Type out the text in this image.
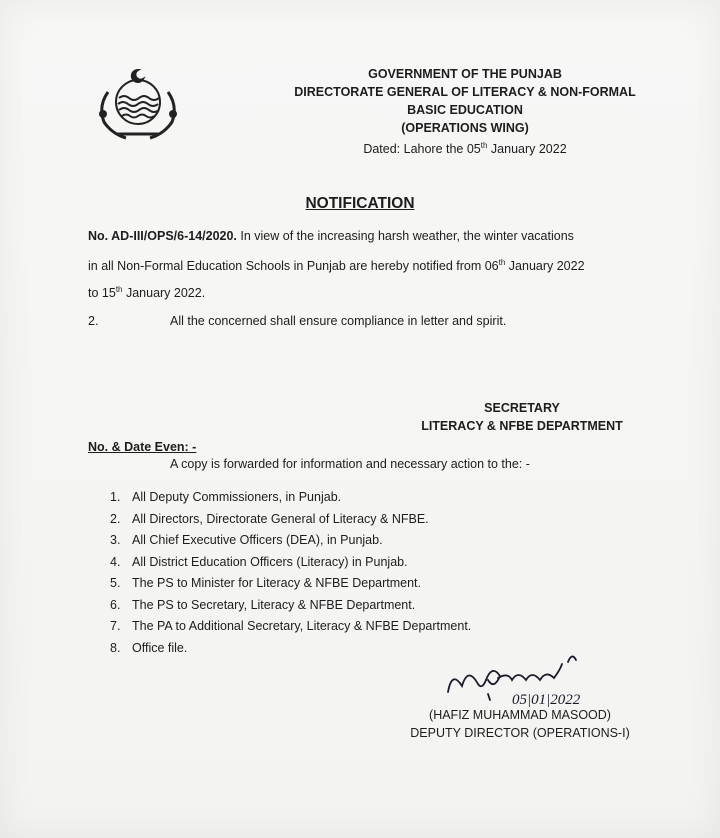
GOVERNMENT OF THE PUNJAB
DIRECTORATE GENERAL OF LITERACY & NON-FORMAL
BASIC EDUCATION
(OPERATIONS WING)
Dated: Lahore the 05th January 2022
NOTIFICATION
No. AD-III/OPS/6-14/2020. In view of the increasing harsh weather, the winter vacations
in all Non-Formal Education Schools in Punjab are hereby notified from 06th January 2022
to 15th January 2022.
2.	All the concerned shall ensure compliance in letter and spirit.
SECRETARY
LITERACY & NFBE DEPARTMENT
No. & Date Even: -
A copy is forwarded for information and necessary action to the: -
1. All Deputy Commissioners, in Punjab.
2. All Directors, Directorate General of Literacy & NFBE.
3. All Chief Executive Officers (DEA), in Punjab.
4. All District Education Officers (Literacy) in Punjab.
5. The PS to Minister for Literacy & NFBE Department.
6. The PS to Secretary, Literacy & NFBE Department.
7. The PA to Additional Secretary, Literacy & NFBE Department.
8. Office file.
05|01|2022
(HAFIZ MUHAMMAD MASOOD)
DEPUTY DIRECTOR (OPERATIONS-I)
